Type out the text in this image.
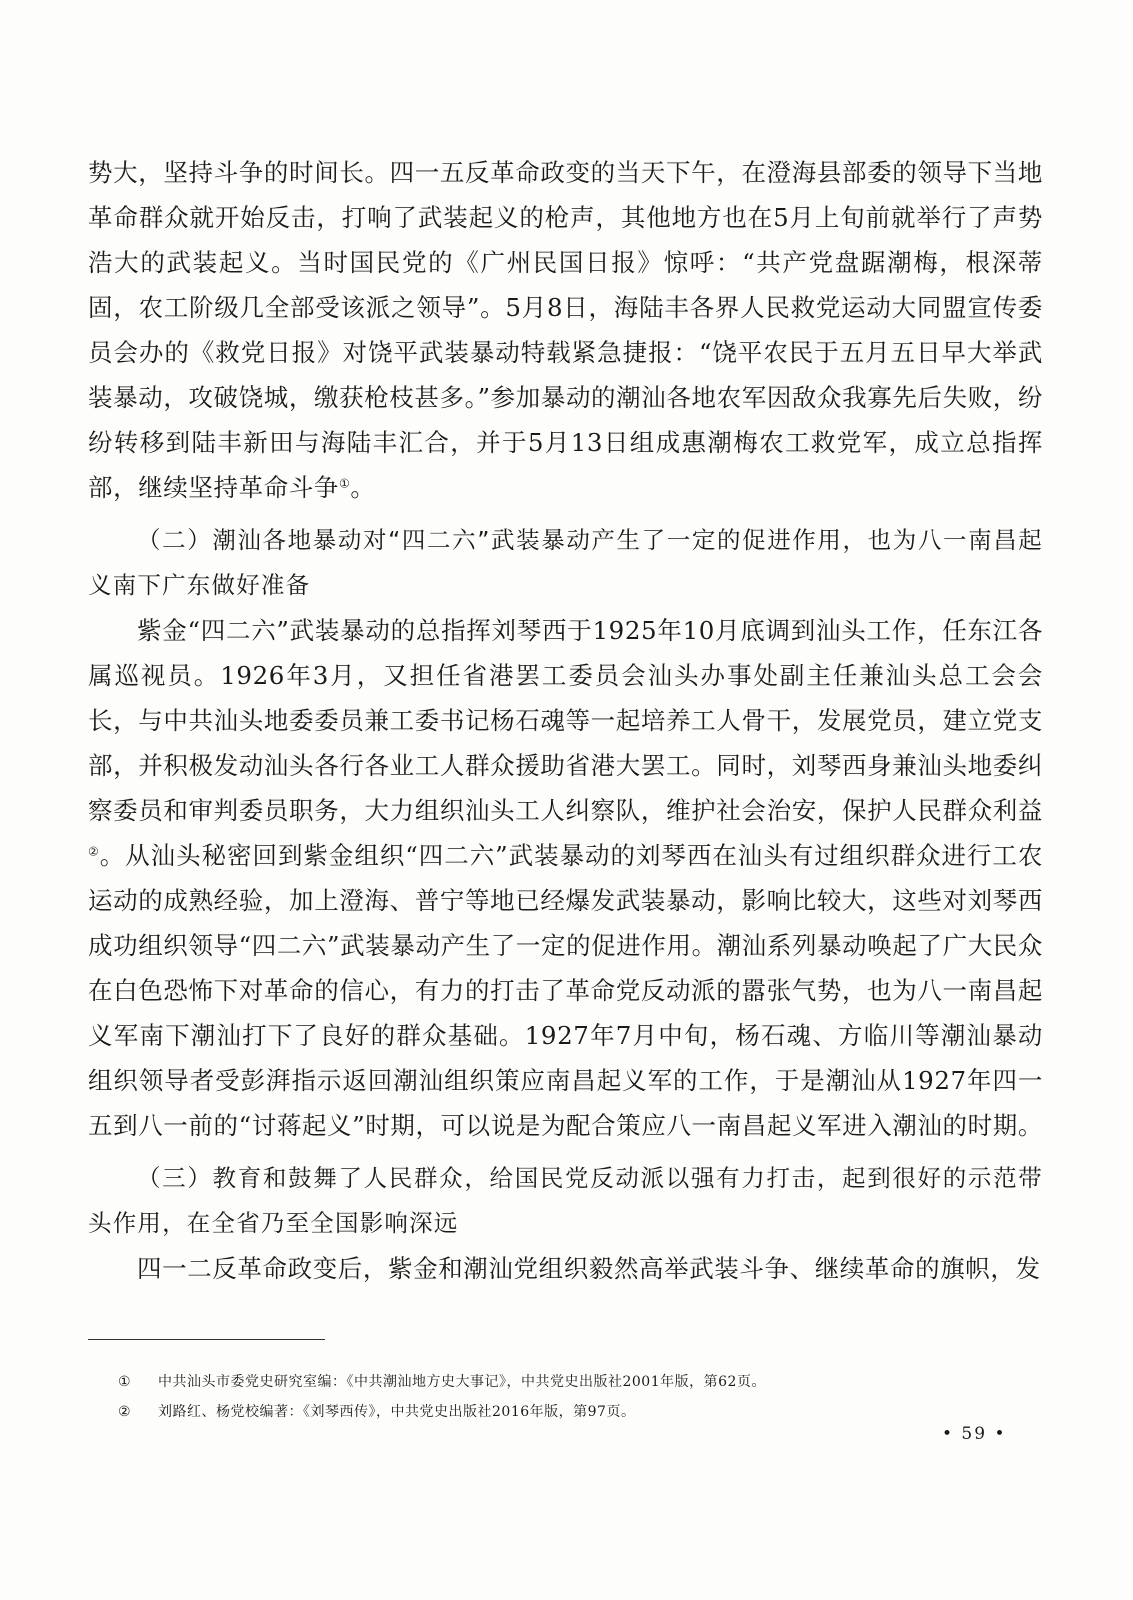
势大，坚持斗争的时间长。四一五反革命政变的当天下午，在澄海县部委的领导下当地革命群众就开始反击，打响了武装起义的枪声，其他地方也在5月上旬前就举行了声势浩大的武装起义。当时国民党的《广州民国日报》惊呼：“共产党盘踞潮梅，根深蒂固，农工阶级几全部受该派之领导”。5月8日，海陆丰各界人民救党运动大同盟宣传委员会办的《救党日报》对饶平武装暴动特载紧急捷报：“饶平农民于五月五日早大举武装暴动，攻破饶城，缴获枪枝甚多。”参加暴动的潮汕各地农军因敌众我寡先后失败，纷纷转移到陆丰新田与海陆丰汇合，并于5月13日组成惠潮梅农工救党军，成立总指挥部，继续坚持革命斗争①。

（二）潮汕各地暴动对“四二六”武装暴动产生了一定的促进作用，也为八一南昌起义南下广东做好准备

紫金“四二六”武装暴动的总指挥刘琴西于1925年10月底调到汕头工作，任东江各属巡视员。1926年3月，又担任省港罢工委员会汕头办事处副主任兼汕头总工会会长，与中共汕头地委委员兼工委书记杨石魂等一起培养工人骨干，发展党员，建立党支部，并积极发动汕头各行各业工人群众援助省港大罢工。同时，刘琴西身兼汕头地委纠察委员和审判委员职务，大力组织汕头工人纠察队，维护社会治安，保护人民群众利益②。从汕头秘密回到紫金组织“四二六”武装暴动的刘琴西在汕头有过组织群众进行工农运动的成熟经验，加上澄海、普宁等地已经爆发武装暴动，影响比较大，这些对刘琴西成功组织领导“四二六”武装暴动产生了一定的促进作用。潮汕系列暴动唤起了广大民众在白色恐怖下对革命的信心，有力的打击了革命党反动派的嚣张气势，也为八一南昌起义军南下潮汕打下了良好的群众基础。1927年7月中旬，杨石魂、方临川等潮汕暴动组织领导者受彭湃指示返回潮汕组织策应南昌起义军的工作，于是潮汕从1927年四一五到八一前的“讨蒋起义”时期，可以说是为配合策应八一南昌起义军进入潮汕的时期。

（三）教育和鼓舞了人民群众，给国民党反动派以强有力打击，起到很好的示范带头作用，在全省乃至全国影响深远

四一二反革命政变后，紫金和潮汕党组织毅然高举武装斗争、继续革命的旗帜，发

①	中共汕头市委党史研究室编：《中共潮汕地方史大事记》，中共党史出版社2001年版，第62页。

②	刘路红、杨党校编著：《刘琴西传》，中共党史出版社2016年版，第97页。

• 59 •
